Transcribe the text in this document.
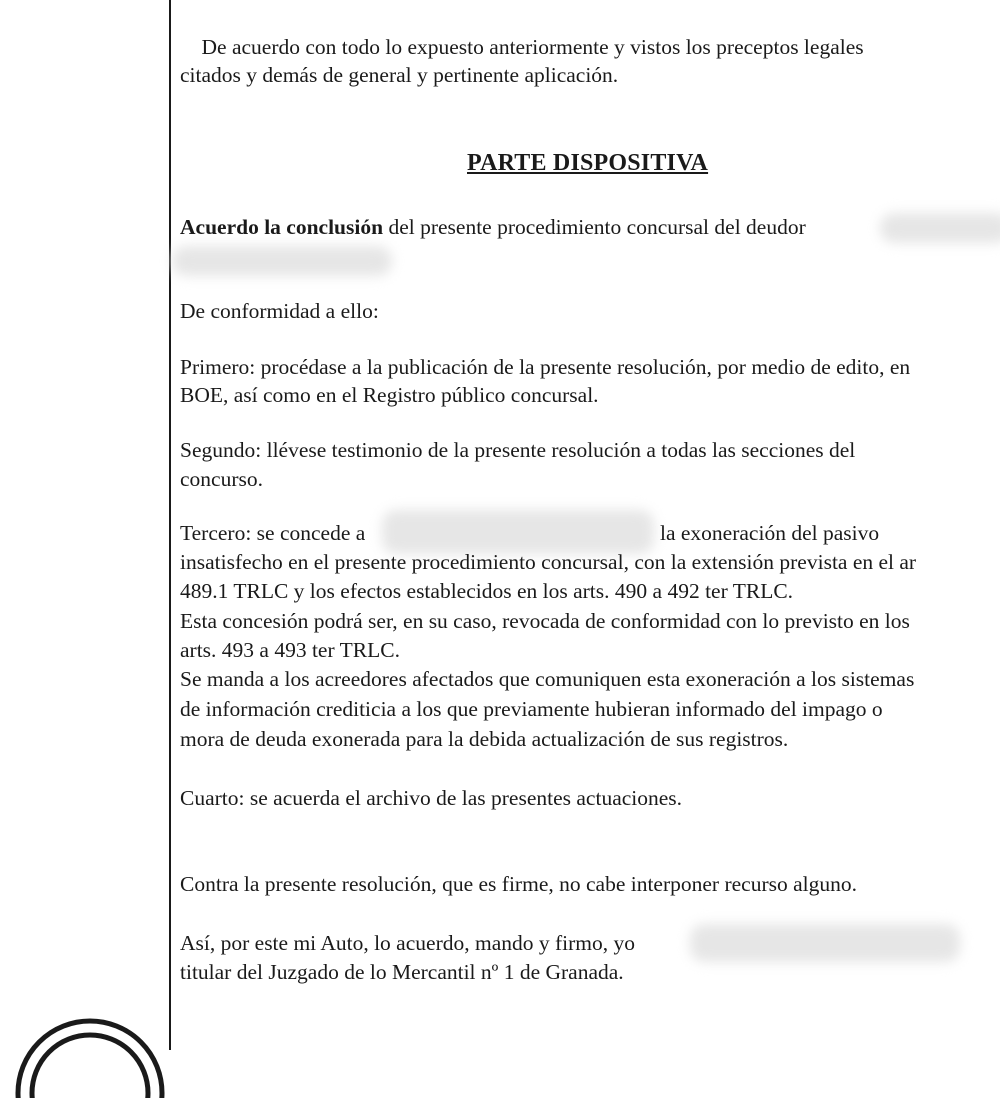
De acuerdo con todo lo expuesto anteriormente y vistos los preceptos legales
citados y demás de general y pertinente aplicación.
PARTE DISPOSITIVA
Acuerdo la conclusión del presente procedimiento concursal del deudor
De conformidad a ello:
Primero: procédase a la publicación de la presente resolución, por medio de edito, en
BOE, así como en el Registro público concursal.
Segundo: llévese testimonio de la presente resolución a todas las secciones del
concurso.
Tercero: se concede a	la exoneración del pasivo
insatisfecho en el presente procedimiento concursal, con la extensión prevista en el ar
489.1 TRLC y los efectos establecidos en los arts. 490 a 492 ter TRLC.
Esta concesión podrá ser, en su caso, revocada de conformidad con lo previsto en los
arts. 493 a 493 ter TRLC.
Se manda a los acreedores afectados que comuniquen esta exoneración a los sistemas
de información crediticia a los que previamente hubieran informado del impago o
mora de deuda exonerada para la debida actualización de sus registros.
Cuarto: se acuerda el archivo de las presentes actuaciones.
Contra la presente resolución, que es firme, no cabe interponer recurso alguno.
Así, por este mi Auto, lo acuerdo, mando y firmo, yo
titular del Juzgado de lo Mercantil nº 1 de Granada.
